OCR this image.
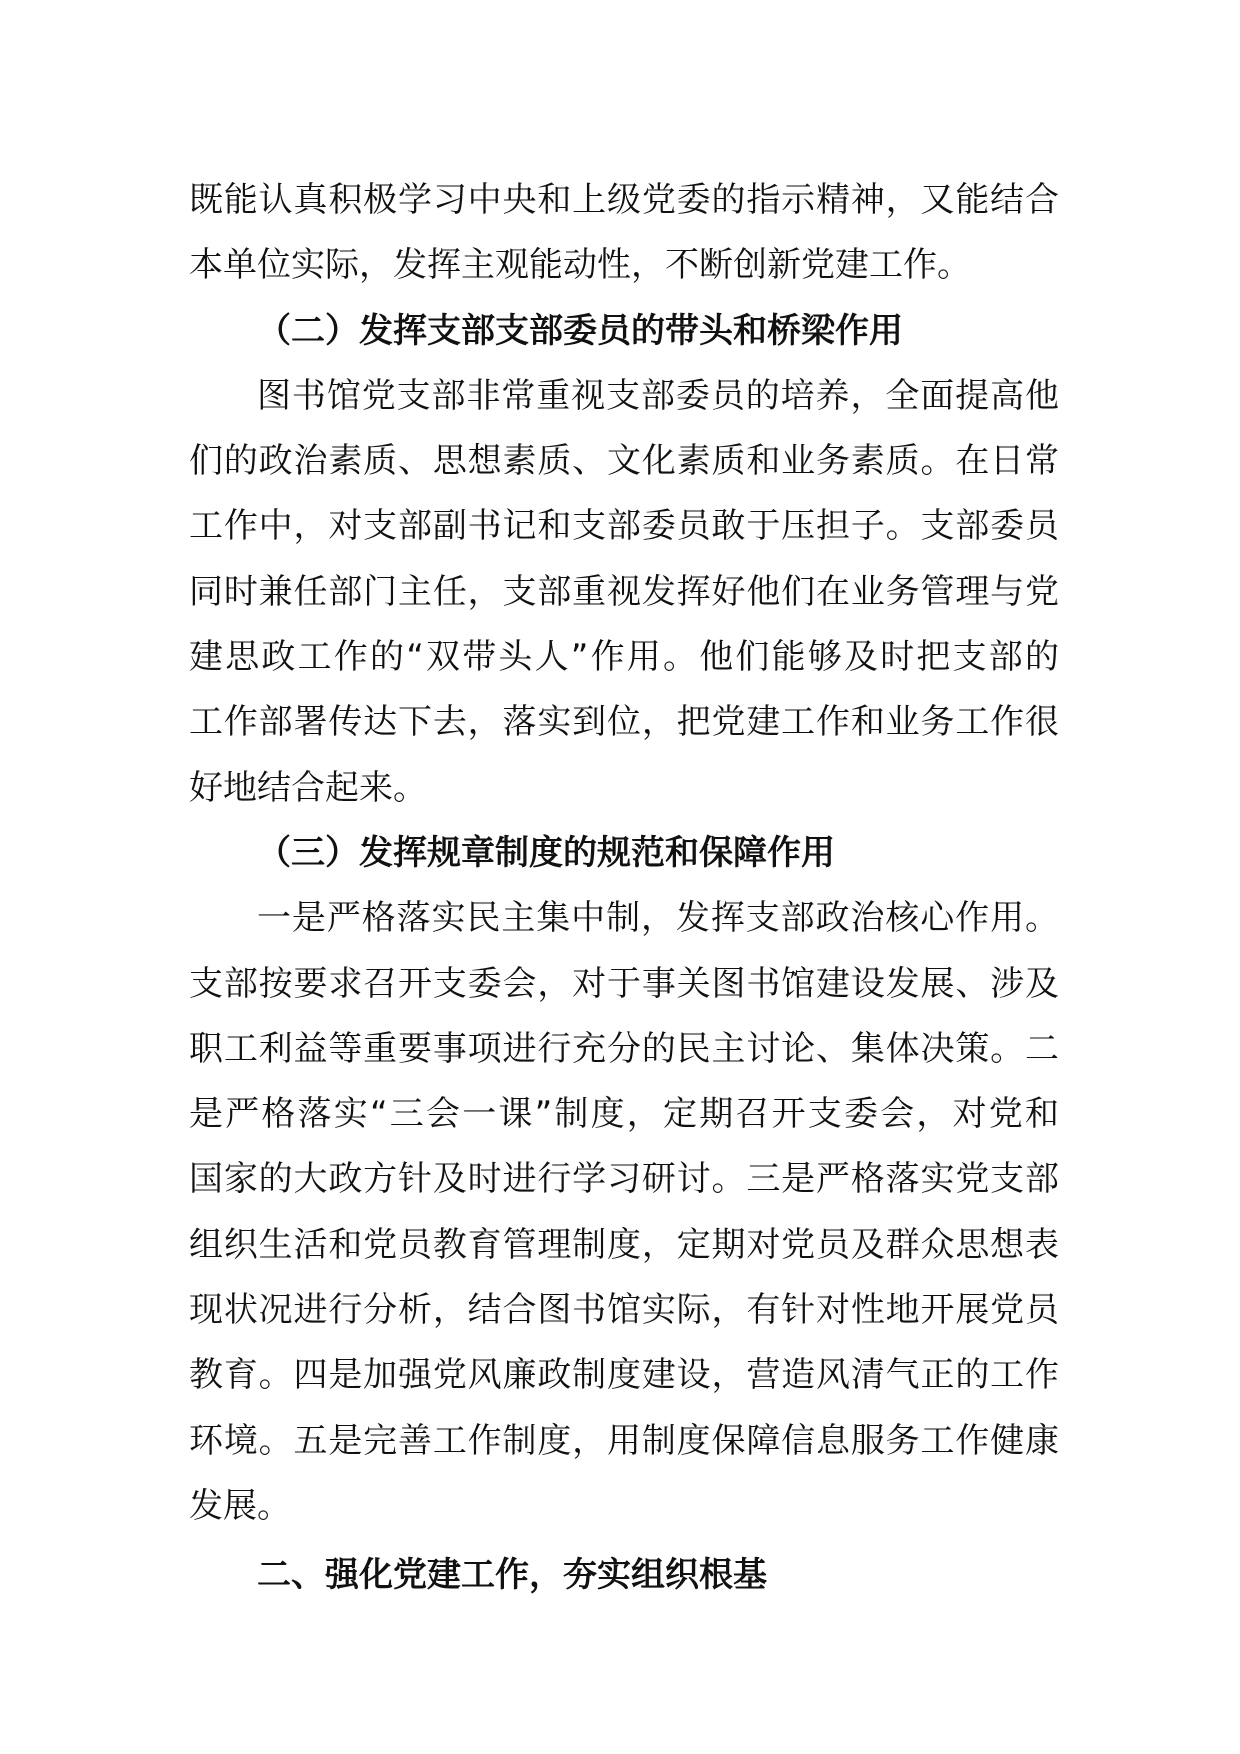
既能认真积极学习中央和上级党委的指示精神，又能结合
本单位实际，发挥主观能动性，不断创新党建工作。
（二）发挥支部支部委员的带头和桥梁作用
图书馆党支部非常重视支部委员的培养，全面提高他
们的政治素质、思想素质、文化素质和业务素质。在日常
工作中，对支部副书记和支部委员敢于压担子。支部委员
同时兼任部门主任，支部重视发挥好他们在业务管理与党
建思政工作的“双带头人”作用。他们能够及时把支部的
工作部署传达下去，落实到位，把党建工作和业务工作很
好地结合起来。
（三）发挥规章制度的规范和保障作用
一是严格落实民主集中制，发挥支部政治核心作用。
支部按要求召开支委会，对于事关图书馆建设发展、涉及
职工利益等重要事项进行充分的民主讨论、集体决策。二
是严格落实“三会一课”制度，定期召开支委会，对党和
国家的大政方针及时进行学习研讨。三是严格落实党支部
组织生活和党员教育管理制度，定期对党员及群众思想表
现状况进行分析，结合图书馆实际，有针对性地开展党员
教育。四是加强党风廉政制度建设，营造风清气正的工作
环境。五是完善工作制度，用制度保障信息服务工作健康
发展。
二、强化党建工作，夯实组织根基
